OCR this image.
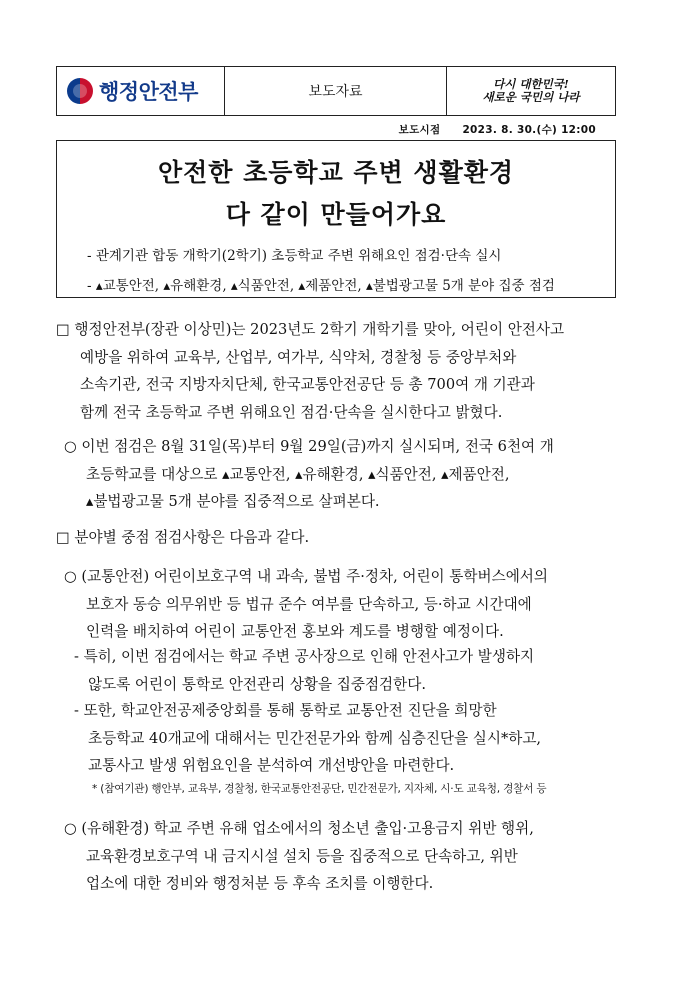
행정안전부	보도자료	다시 대한민국!
새로운 국민의 나라
보도시점 2023. 8. 30.(수) 12:00
안전한 초등학교 주변 생활환경
다 같이 만들어가요
- 관계기관 합동 개학기(2학기) 초등학교 주변 위해요인 점검·단속 실시
- ▴교통안전, ▴유해환경, ▴식품안전, ▴제품안전, ▴불법광고물 5개 분야 집중 점검
□ 행정안전부(장관 이상민)는 2023년도 2학기 개학기를 맞아, 어린이 안전사고
예방을 위하여 교육부, 산업부, 여가부, 식약처, 경찰청 등 중앙부처와
소속기관, 전국 지방자치단체, 한국교통안전공단 등 총 700여 개 기관과
함께 전국 초등학교 주변 위해요인 점검·단속을 실시한다고 밝혔다.
○ 이번 점검은 8월 31일(목)부터 9월 29일(금)까지 실시되며, 전국 6천여 개
초등학교를 대상으로 ▴교통안전, ▴유해환경, ▴식품안전, ▴제품안전,
▴불법광고물 5개 분야를 집중적으로 살펴본다.
□ 분야별 중점 점검사항은 다음과 같다.
○ (교통안전) 어린이보호구역 내 과속, 불법 주·정차, 어린이 통학버스에서의
보호자 동승 의무위반 등 법규 준수 여부를 단속하고, 등·하교 시간대에
인력을 배치하여 어린이 교통안전 홍보와 계도를 병행할 예정이다.
- 특히, 이번 점검에서는 학교 주변 공사장으로 인해 안전사고가 발생하지
않도록 어린이 통학로 안전관리 상황을 집중점검한다.
- 또한, 학교안전공제중앙회를 통해 통학로 교통안전 진단을 희망한
초등학교 40개교에 대해서는 민간전문가와 함께 심층진단을 실시*하고,
교통사고 발생 위험요인을 분석하여 개선방안을 마련한다.
* (참여기관) 행안부, 교육부, 경찰청, 한국교통안전공단, 민간전문가, 지자체, 시·도 교육청, 경찰서 등
○ (유해환경) 학교 주변 유해 업소에서의 청소년 출입·고용금지 위반 행위,
교육환경보호구역 내 금지시설 설치 등을 집중적으로 단속하고, 위반
업소에 대한 정비와 행정처분 등 후속 조치를 이행한다.
